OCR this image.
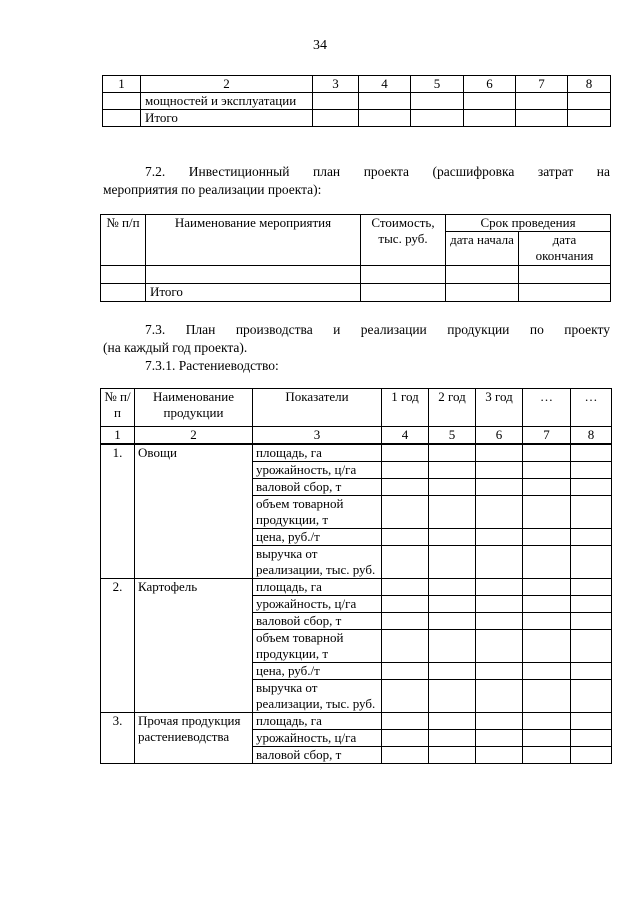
34
1	2	3	4	5	6	7	8
	мощностей и эксплуатации						
	Итого						

7.2. Инвестиционный план проекта (расшифровка затрат на

мероприятия по реализации проекта):

№ п/п	Наименование мероприятия	Стоимость, тыс. руб.	Срок проведения	
			дата начала	дата окончания

	Итого			

7.3. План производства и реализации продукции по проекту

(на каждый год проекта).

7.3.1. Растениеводство:

№ п/п	Наименование продукции	Показатели	1 год	2 год	3 год	…	…
1	2	3	4	5	6	7	8
1.	Овощи	площадь, га					
		урожайность, ц/га					
		валовой сбор, т					
		объем товарной продукции, т					
		цена, руб./т					
		выручка от реализации, тыс. руб.					
2.	Картофель	площадь, га					
		урожайность, ц/га					
		валовой сбор, т					
		объем товарной продукции, т					
		цена, руб./т					
		выручка от реализации, тыс. руб.					
3.	Прочая продукция растениеводства	площадь, га					
		урожайность, ц/га					
		валовой сбор, т					
